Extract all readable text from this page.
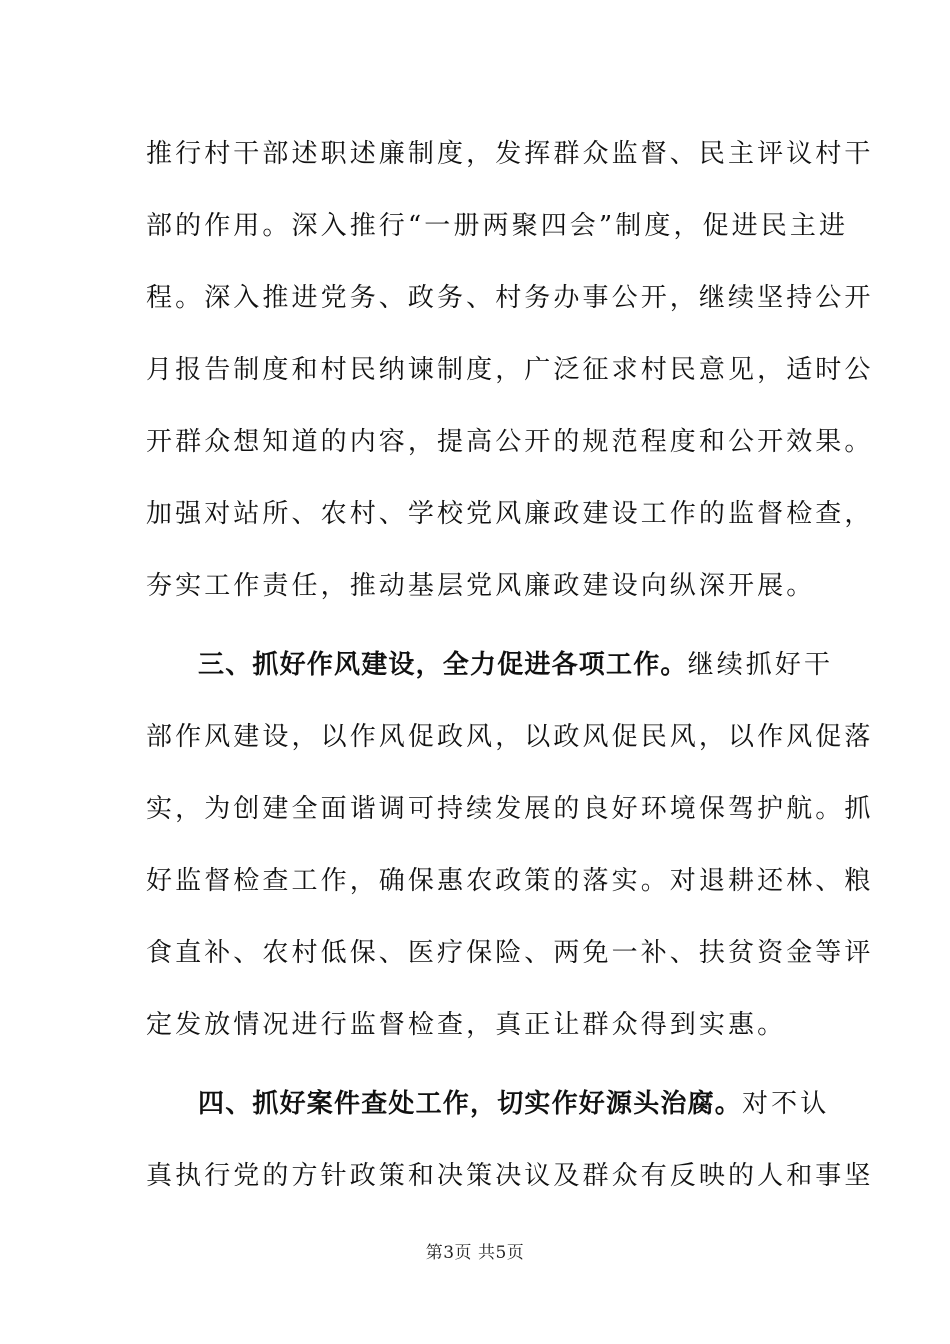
推行村干部述职述廉制度，发挥群众监督、民主评议村干
部的作用。深入推行“一册两聚四会”制度，促进民主进
程。深入推进党务、政务、村务办事公开，继续坚持公开
月报告制度和村民纳谏制度，广泛征求村民意见，适时公
开群众想知道的内容，提高公开的规范程度和公开效果。
加强对站所、农村、学校党风廉政建设工作的监督检查，
夯实工作责任，推动基层党风廉政建设向纵深开展。
三、抓好作风建设，全力促进各项工作。继续抓好干
部作风建设，以作风促政风，以政风促民风，以作风促落
实，为创建全面谐调可持续发展的良好环境保驾护航。抓
好监督检查工作，确保惠农政策的落实。对退耕还林、粮
食直补、农村低保、医疗保险、两免一补、扶贫资金等评
定发放情况进行监督检查，真正让群众得到实惠。
四、抓好案件查处工作，切实作好源头治腐。对不认
真执行党的方针政策和决策决议及群众有反映的人和事坚
第3页 共5页
